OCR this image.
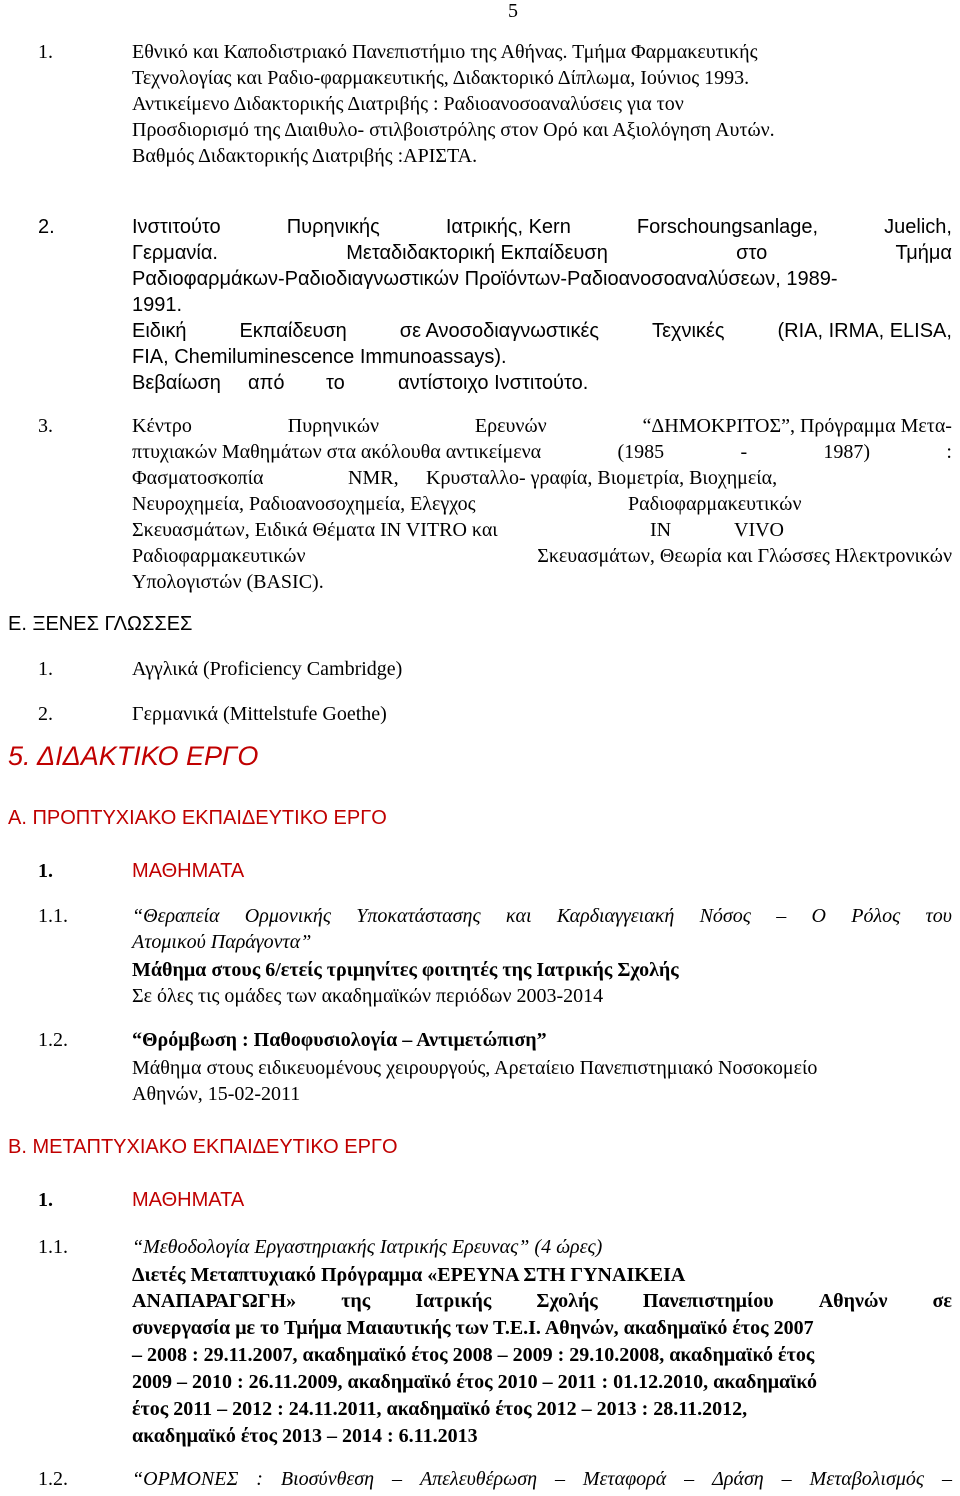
5
1.	Εθνικό και Καποδιστριακό Πανεπιστήμιο της Αθήνας. Τμήμα Φαρμακευτικής
Τεχνολογίας και Ραδιο-φαρμακευτικής, Διδακτορικό Δίπλωμα, Ιούνιος 1993.
Αντικείμενο Διδακτορικής Διατριβής : Ραδιοανοσοαναλύσεις για τον
Προσδιορισμό της Διαιθυλο- στιλβοιστρόλης στον Ορό και Αξιολόγηση Αυτών.
Βαθμός Διδακτορικής Διατριβής :ΑΡΙΣΤΑ.
2.	Ινστιτούτο	Πυρηνικής	Ιατρικής, Kern	Forschoungsanlage,	Juelich,
Γερμανία.	Μεταδιδακτορική Εκπαίδευση	στο	Τμήμα
Ραδιοφαρμάκων-Ραδιοδιαγνωστικών Προϊόντων-Ραδιοανοσοαναλύσεων, 1989-
1991.
Ειδική	Εκπαίδευση	σε Ανοσοδιαγνωστικές	Τεχνικές	(RIA, IRMA, ELISA,
FIA, Chemiluminescence Immunoassays).
Βεβαίωση από το	αντίστοιχο Ινστιτούτο.
3.	Κέντρο	Πυρηνικών	Ερευνών	“ΔΗΜΟΚΡΙΤΟΣ”, Πρόγραμμα Μετα-
πτυχιακών Μαθημάτων στα ακόλουθα αντικείμενα	(1985	-	1987)	:
Φασματοσκοπία	NMR, Κρυσταλλο- γραφία, Βιομετρία, Βιοχημεία,
Νευροχημεία, Ραδιοανοσοχημεία, Ελεγχος	Ραδιοφαρμακευτικών
Σκευασμάτων, Ειδικά Θέματα IN VITRO και	IN	VIVO
Ραδιοφαρμακευτικών	Σκευασμάτων, Θεωρία και Γλώσσες Ηλεκτρονικών
Υπολογιστών (BASIC).
Ε. ΞΕΝΕΣ ΓΛΩΣΣΕΣ
1.	Αγγλικά (Proficiency Cambridge)
2.	Γερμανικά (Mittelstufe Goethe)
5. ΔΙΔΑΚΤΙΚΟ ΕΡΓΟ
Α. ΠΡΟΠΤΥΧΙΑΚΟ ΕΚΠΑΙΔΕΥΤΙΚΟ ΕΡΓΟ
1.	ΜΑΘΗΜΑΤΑ
1.1.	“Θεραπεία Ορμονικής Υποκατάστασης και Καρδιαγγειακή Νόσος – Ο Ρόλος του
Ατομικού Παράγοντα”
Μάθημα στους 6/ετείς τριμηνίτες φοιτητές της Ιατρικής Σχολής
Σε όλες τις ομάδες των ακαδημαϊκών περιόδων 2003-2014
1.2.	“Θρόμβωση : Παθοφυσιολογία – Αντιμετώπιση”
Μάθημα στους ειδικευομένους χειρουργούς, Αρεταίειο Πανεπιστημιακό Νοσοκομείο
Αθηνών, 15-02-2011
Β. ΜΕΤΑΠΤΥΧΙΑΚΟ ΕΚΠΑΙΔΕΥΤΙΚΟ ΕΡΓΟ
1.	ΜΑΘΗΜΑΤΑ
1.1.	“Μεθοδολογία Εργαστηριακής Ιατρικής Ερευνας” (4 ώρες)
Διετές Μεταπτυχιακό Πρόγραμμα «ΕΡΕΥΝΑ ΣΤΗ ΓΥΝΑΙΚΕΙΑ
ΑΝΑΠΑΡΑΓΩΓΗ» της Ιατρικής Σχολής Πανεπιστημίου Αθηνών σε
συνεργασία με το Τμήμα Μαιαυτικής των Τ.Ε.Ι. Αθηνών, ακαδημαϊκό έτος 2007
– 2008 : 29.11.2007, ακαδημαϊκό έτος 2008 – 2009 : 29.10.2008, ακαδημαϊκό έτος
2009 – 2010 : 26.11.2009, ακαδημαϊκό έτος 2010 – 2011 : 01.12.2010, ακαδημαϊκό
έτος 2011 – 2012 : 24.11.2011, ακαδημαϊκό έτος 2012 – 2013 : 28.11.2012,
ακαδημαϊκό έτος 2013 – 2014 : 6.11.2013
1.2.	“ΟΡΜΟΝΕΣ : Βιοσύνθεση – Απελευθέρωση – Μεταφορά – Δράση – Μεταβολισμός –
